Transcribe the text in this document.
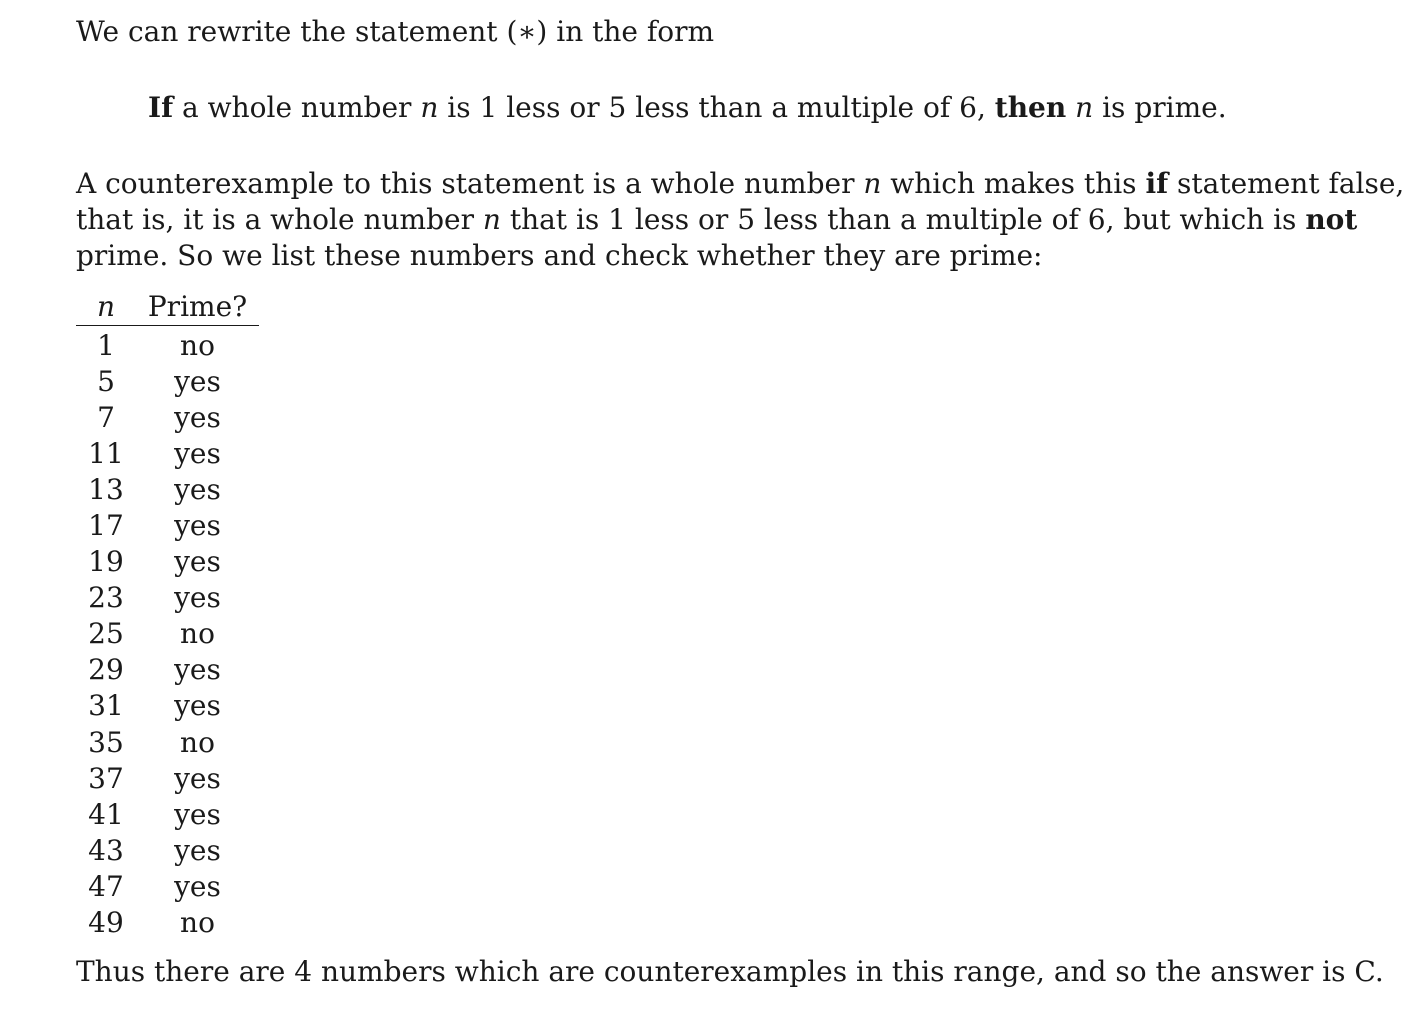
We can rewrite the statement (∗) in the form

If a whole number n is 1 less or 5 less than a multiple of 6, then n is prime.

A counterexample to this statement is a whole number n which makes this if statement false,
that is, it is a whole number n that is 1 less or 5 less than a multiple of 6, but which is not
prime. So we list these numbers and check whether they are prime:
n	Prime?
1	no
5	yes
7	yes
11	yes
13	yes
17	yes
19	yes
23	yes
25	no
29	yes
31	yes
35	no
37	yes
41	yes
43	yes
47	yes
49	no

Thus there are 4 numbers which are counterexamples in this range, and so the answer is C.
